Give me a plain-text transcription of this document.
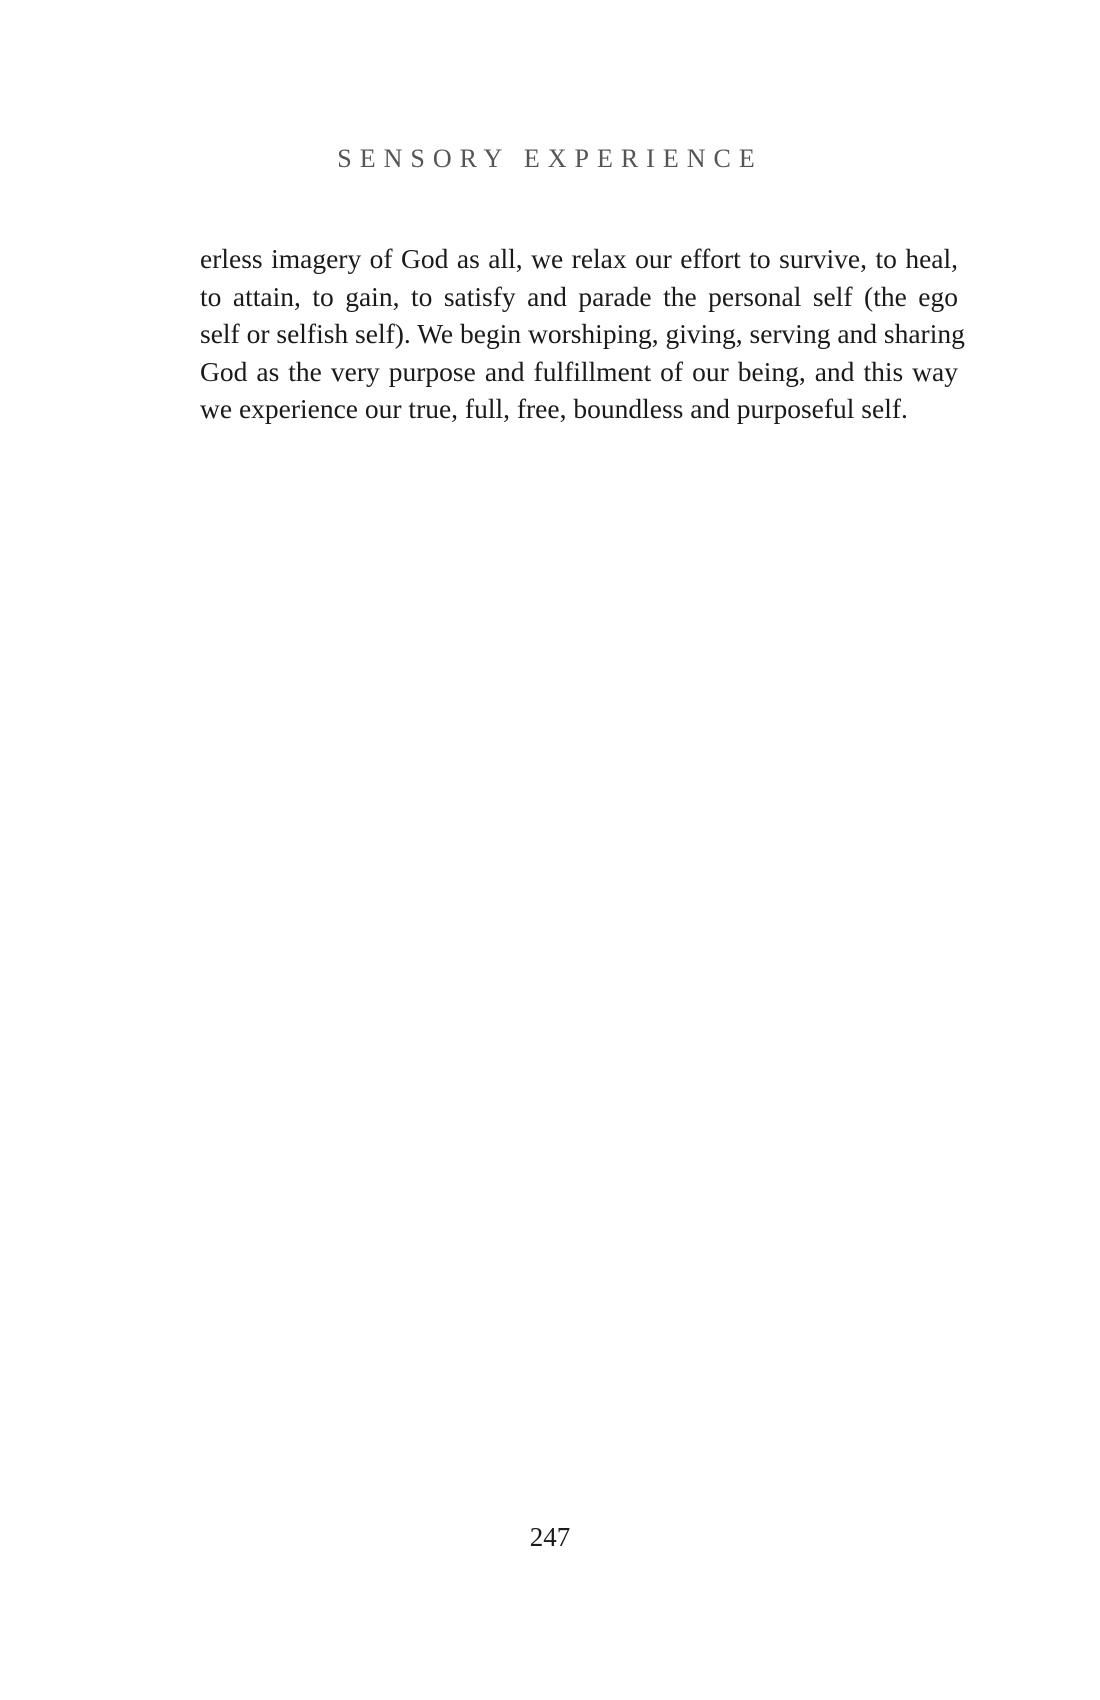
SENSORY EXPERIENCE
erless imagery of God as all, we relax our effort to survive, to heal,
to attain, to gain, to satisfy and parade the personal self (the ego
self or selfish self). We begin worshiping, giving, serving and sharing
God as the very purpose and fulfillment of our being, and this way
we experience our true, full, free, boundless and purposeful self.
247
